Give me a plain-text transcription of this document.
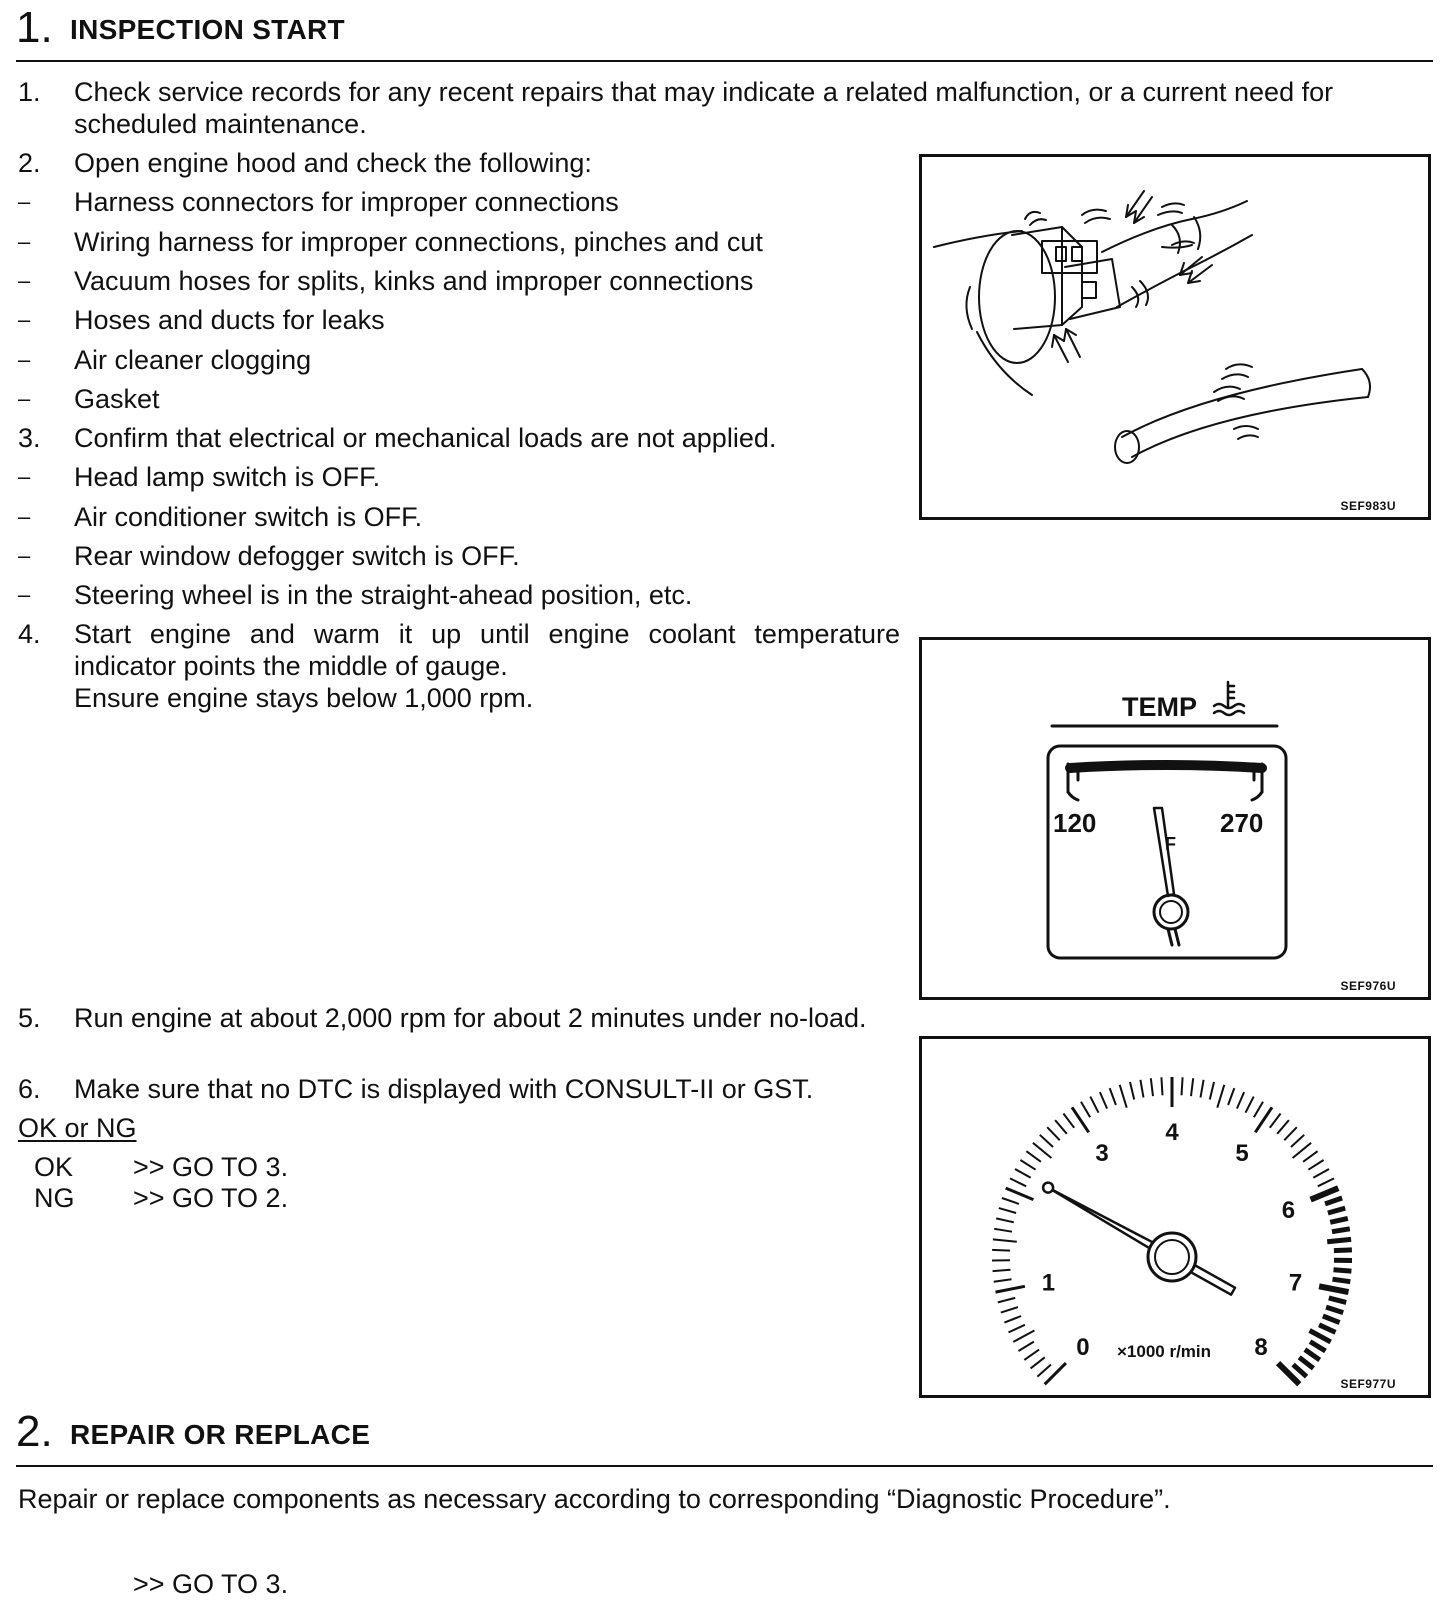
1. INSPECTION START
1. Check service records for any recent repairs that may indicate a related malfunction, or a current need for scheduled maintenance.
2. Open engine hood and check the following:
– Harness connectors for improper connections
– Wiring harness for improper connections, pinches and cut
– Vacuum hoses for splits, kinks and improper connections
– Hoses and ducts for leaks
– Air cleaner clogging
– Gasket
3. Confirm that electrical or mechanical loads are not applied.
– Head lamp switch is OFF.
– Air conditioner switch is OFF.
– Rear window defogger switch is OFF.
– Steering wheel is in the straight-ahead position, etc.
4. Start engine and warm it up until engine coolant temperature indicator points the middle of gauge.
Ensure engine stays below 1,000 rpm.
5. Run engine at about 2,000 rpm for about 2 minutes under no-load.
6. Make sure that no DTC is displayed with CONSULT-II or GST.
OK or NG
OK >> GO TO 3.
NG >> GO TO 2.
SEF983U
TEMP
120	270
F
SEF976U
0
1
3
4
5
6
7
8
×1000 r/min
SEF977U
2. REPAIR OR REPLACE
Repair or replace components as necessary according to corresponding “Diagnostic Procedure”.
>> GO TO 3.
